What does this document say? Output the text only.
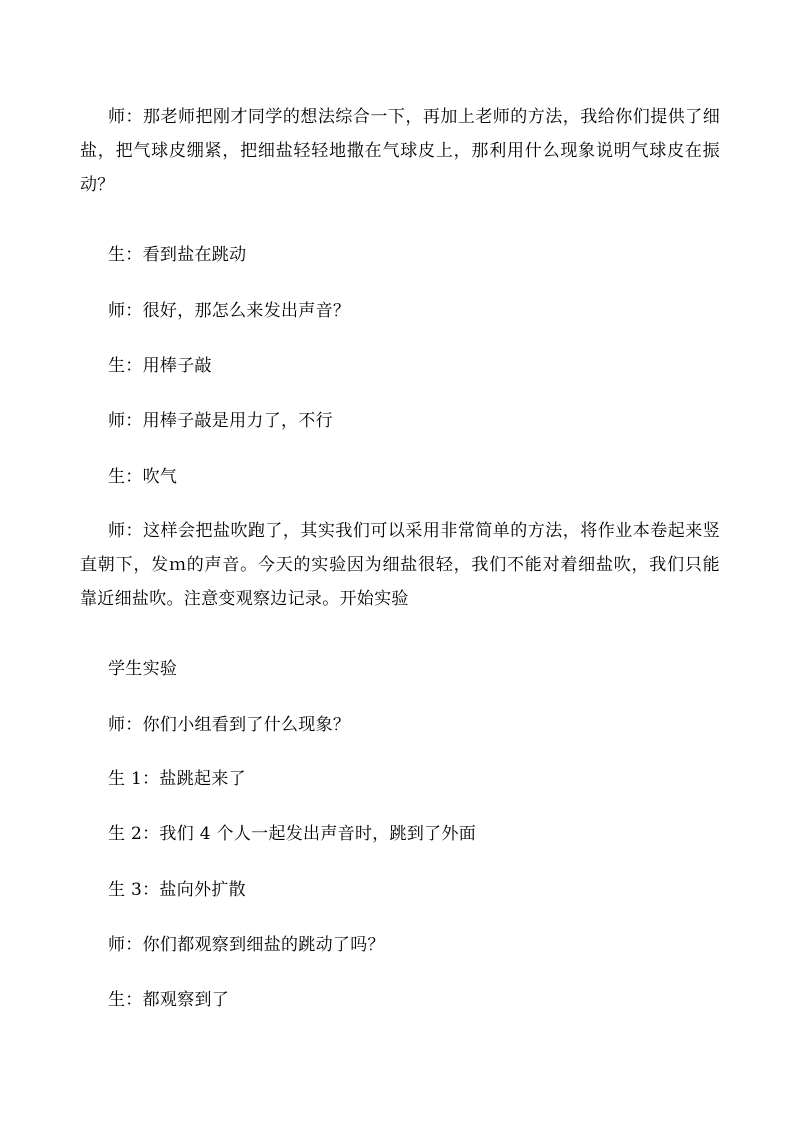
师：那老师把刚才同学的想法综合一下，再加上老师的方法，我给你们提供了细盐，把气球皮绷紧，把细盐轻轻地撒在气球皮上，那利用什么现象说明气球皮在振动？

生：看到盐在跳动

师：很好，那怎么来发出声音？

生：用棒子敲

师：用棒子敲是用力了，不行

生：吹气

师：这样会把盐吹跑了，其实我们可以采用非常简单的方法，将作业本卷起来竖直朝下，发ｍ的声音。今天的实验因为细盐很轻，我们不能对着细盐吹，我们只能靠近细盐吹。注意变观察边记录。开始实验

学生实验

师：你们小组看到了什么现象？

生 1：盐跳起来了

生 2：我们 4 个人一起发出声音时，跳到了外面

生 3：盐向外扩散

师：你们都观察到细盐的跳动了吗？

生：都观察到了
